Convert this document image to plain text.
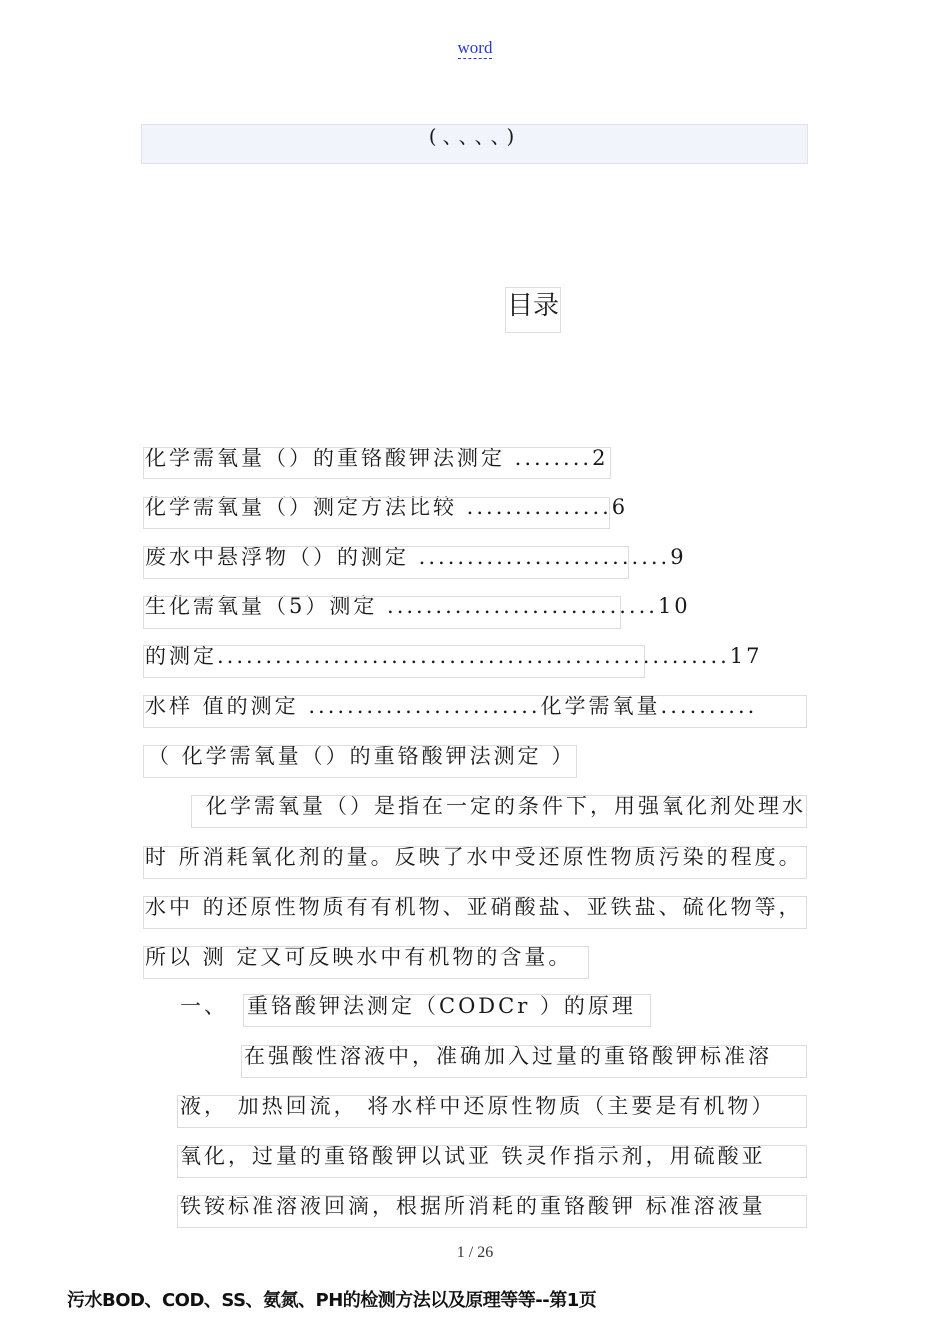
word
(、、、、)
目录
化学需氧量（）的重铬酸钾法测定 ........2
化学需氧量（）测定方法比较 ...............6
废水中悬浮物（）的测定 ..........................9
生化需氧量（5）测定 ............................10
的测定.....................................................17
水样 值的测定 ........................化学需氧量..........
（ 化学需氧量（）的重铬酸钾法测定 ）
化学需氧量（）是指在一定的条件下，用强氧化剂处理水
时 所消耗氧化剂的量。反映了水中受还原性物质污染的程度。
水中 的还原性物质有有机物、亚硝酸盐、亚铁盐、硫化物等，
所以 测 定又可反映水中有机物的含量。
一、 重铬酸钾法测定（CODCr ）的原理
在强酸性溶液中，准确加入过量的重铬酸钾标准溶
液， 加热回流， 将水样中还原性物质（主要是有机物）
氧化，过量的重铬酸钾以试亚 铁灵作指示剂，用硫酸亚
铁铵标准溶液回滴，根据所消耗的重铬酸钾 标准溶液量
1 / 26
污水BOD、COD、SS、氨氮、PH的检测方法以及原理等等--第1页
